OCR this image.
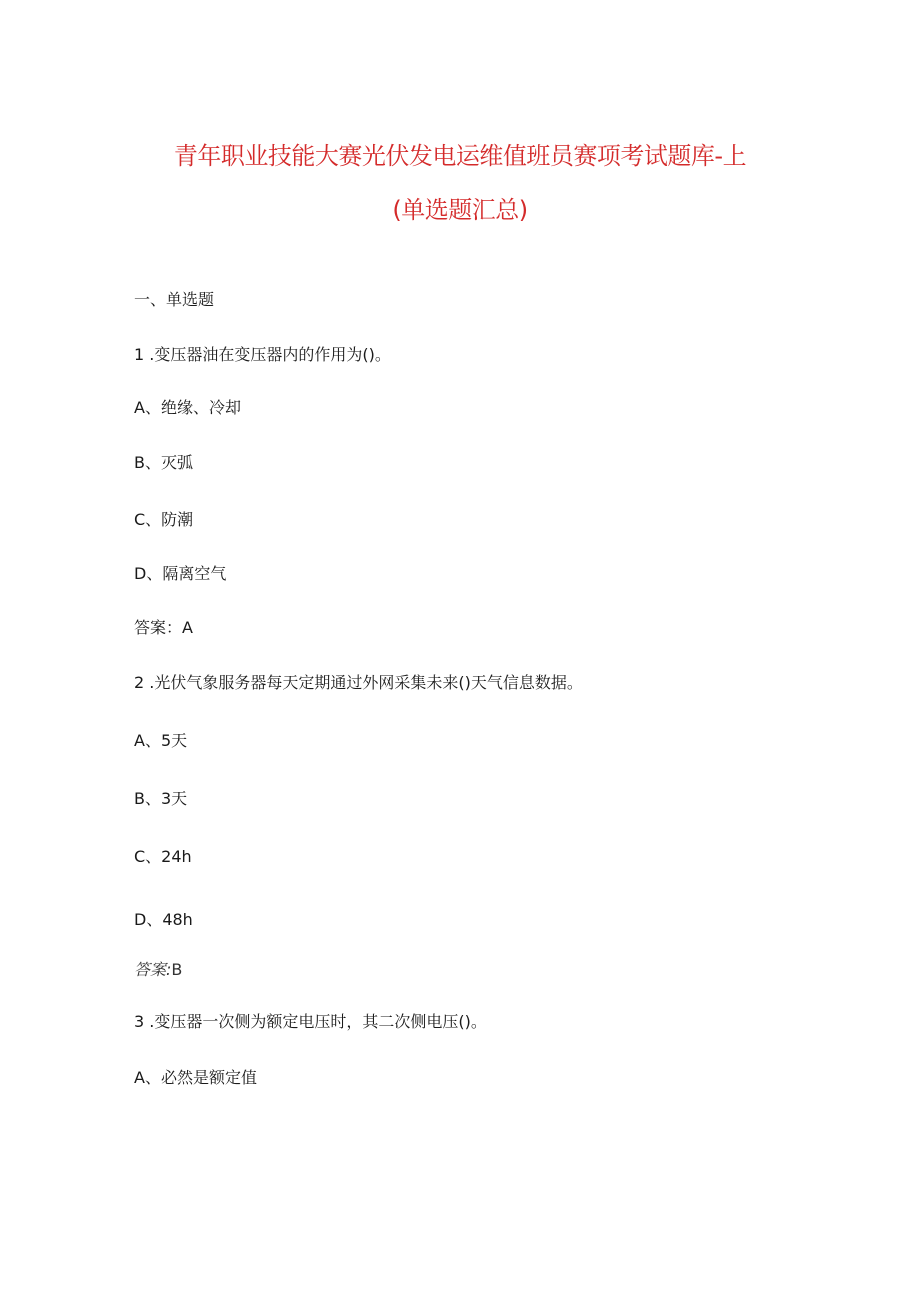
青年职业技能大赛光伏发电运维值班员赛项考试题库-上
(单选题汇总)
一、单选题
1 .变压器油在变压器内的作用为()。
A、绝缘、冷却
B、灭弧
C、防潮
D、隔离空气
答案：A
2 .光伏气象服务器每天定期通过外网采集未来()天气信息数据。
A、5天
B、3天
C、24h
D、48h
答案:B
3 .变压器一次侧为额定电压时，其二次侧电压()。
A、必然是额定值
